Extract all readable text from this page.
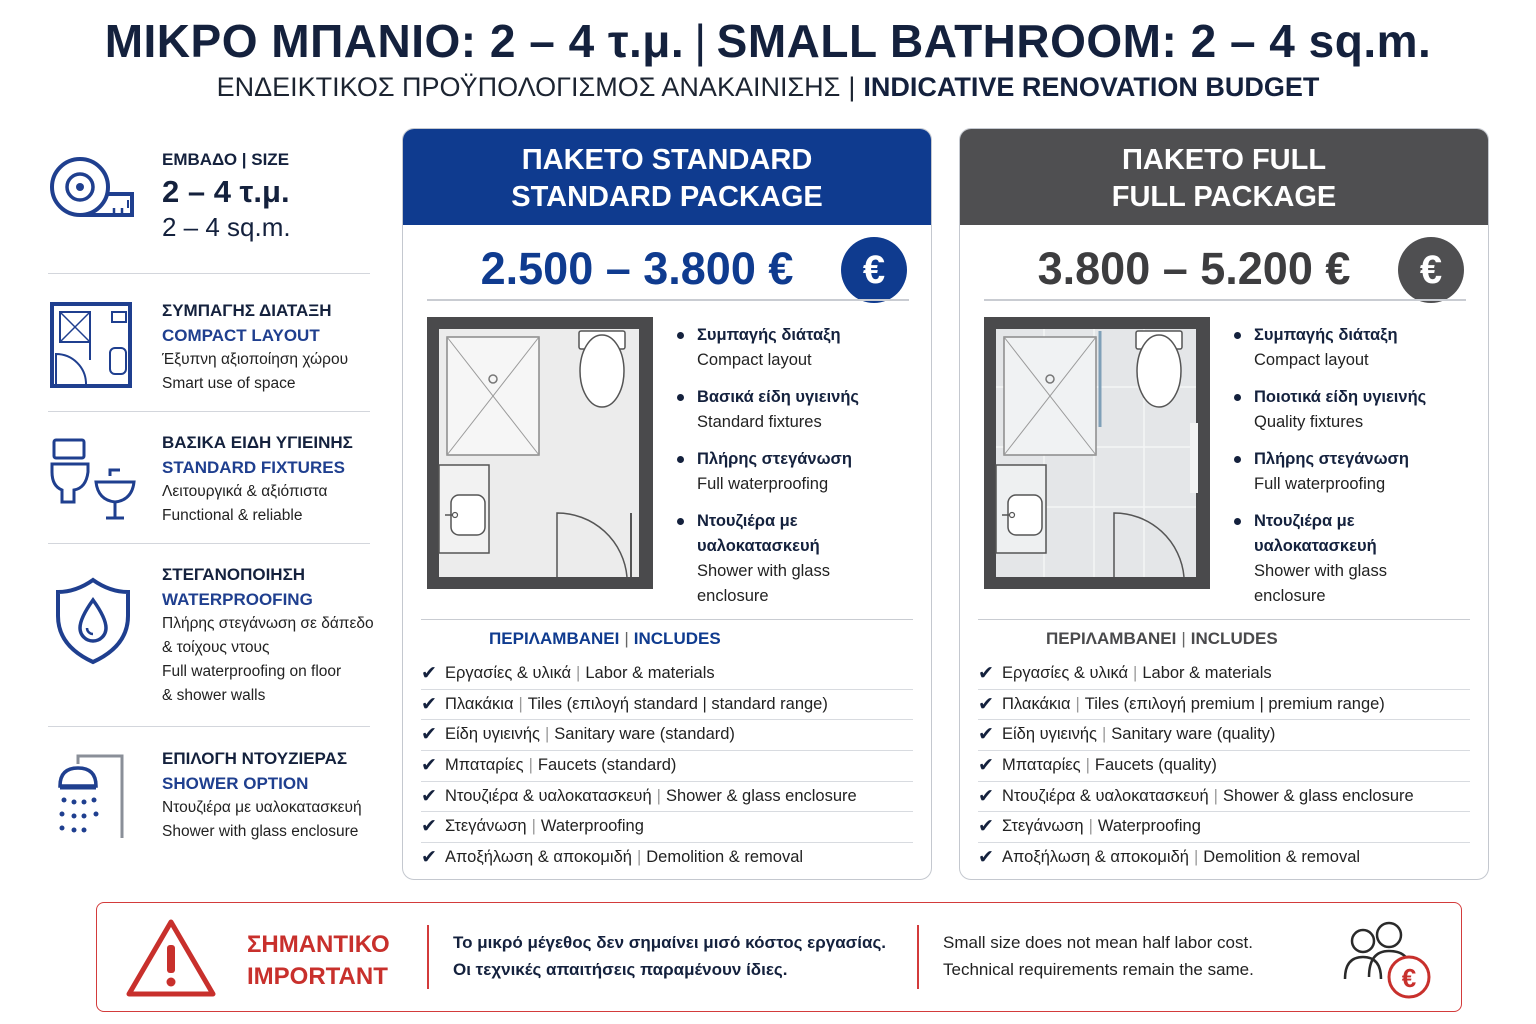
ΜΙΚΡΟ ΜΠΑΝΙΟ: 2 – 4 τ.μ. | SMALL BATHROOM: 2 – 4 sq.m.
ΕΝΔΕΙΚΤΙΚΟΣ ΠΡΟΫΠΟΛΟΓΙΣΜΟΣ ΑΝΑΚΑΙΝΙΣΗΣ | INDICATIVE RENOVATION BUDGET
ΕΜΒΑΔΟ | SIZE
2 – 4 τ.μ.
2 – 4 sq.m.
ΣΥΜΠΑΓΗΣ ΔΙΑΤΑΞΗ
COMPACT LAYOUT
Έξυπνη αξιοποίηση χώρου
Smart use of space
ΒΑΣΙΚΑ ΕΙΔΗ ΥΓΙΕΙΝΗΣ
STANDARD FIXTURES
Λειτουργικά & αξιόπιστα
Functional & reliable
ΣΤΕΓΑΝΟΠΟΙΗΣΗ
WATERPROOFING
Πλήρης στεγάνωση σε δάπεδο
& τοίχους ντους
Full waterproofing on floor
& shower walls
ΕΠΙΛΟΓΗ ΝΤΟΥΖΙΕΡΑΣ
SHOWER OPTION
Ντουζιέρα με υαλοκατασκευή
Shower with glass enclosure
ΠΑΚΕΤΟ STANDARD
STANDARD PACKAGE
2.500 – 3.800 €	€
Συμπαγής διάταξη
Compact layout
Βασικά είδη υγιεινής
Standard fixtures
Πλήρης στεγάνωση
Full waterproofing
Ντουζιέρα με υαλοκατασκευή
Shower with glass enclosure
ΠΕΡΙΛΑΜΒΑΝΕΙ | INCLUDES
✔ Εργασίες & υλικά | Labor & materials
✔ Πλακάκια | Tiles (επιλογή standard | standard range)
✔ Είδη υγιεινής | Sanitary ware (standard)
✔ Μπαταρίες | Faucets (standard)
✔ Ντουζιέρα & υαλοκατασκευή | Shower & glass enclosure
✔ Στεγάνωση | Waterproofing
✔ Αποξήλωση & αποκομιδή | Demolition & removal
ΠΑΚΕΤΟ FULL
FULL PACKAGE
3.800 – 5.200 €	€
Συμπαγής διάταξη
Compact layout
Ποιοτικά είδη υγιεινής
Quality fixtures
Πλήρης στεγάνωση
Full waterproofing
Ντουζιέρα με υαλοκατασκευή
Shower with glass enclosure
ΠΕΡΙΛΑΜΒΑΝΕΙ | INCLUDES
✔ Εργασίες & υλικά | Labor & materials
✔ Πλακάκια | Tiles (επιλογή premium | premium range)
✔ Είδη υγιεινής | Sanitary ware (quality)
✔ Μπαταρίες | Faucets (quality)
✔ Ντουζιέρα & υαλοκατασκευή | Shower & glass enclosure
✔ Στεγάνωση | Waterproofing
✔ Αποξήλωση & αποκομιδή | Demolition & removal
ΣΗΜΑΝΤΙΚΟ
IMPORTANT
Το μικρό μέγεθος δεν σημαίνει μισό κόστος εργασίας.
Οι τεχνικές απαιτήσεις παραμένουν ίδιες.
Small size does not mean half labor cost.
Technical requirements remain the same.	€
